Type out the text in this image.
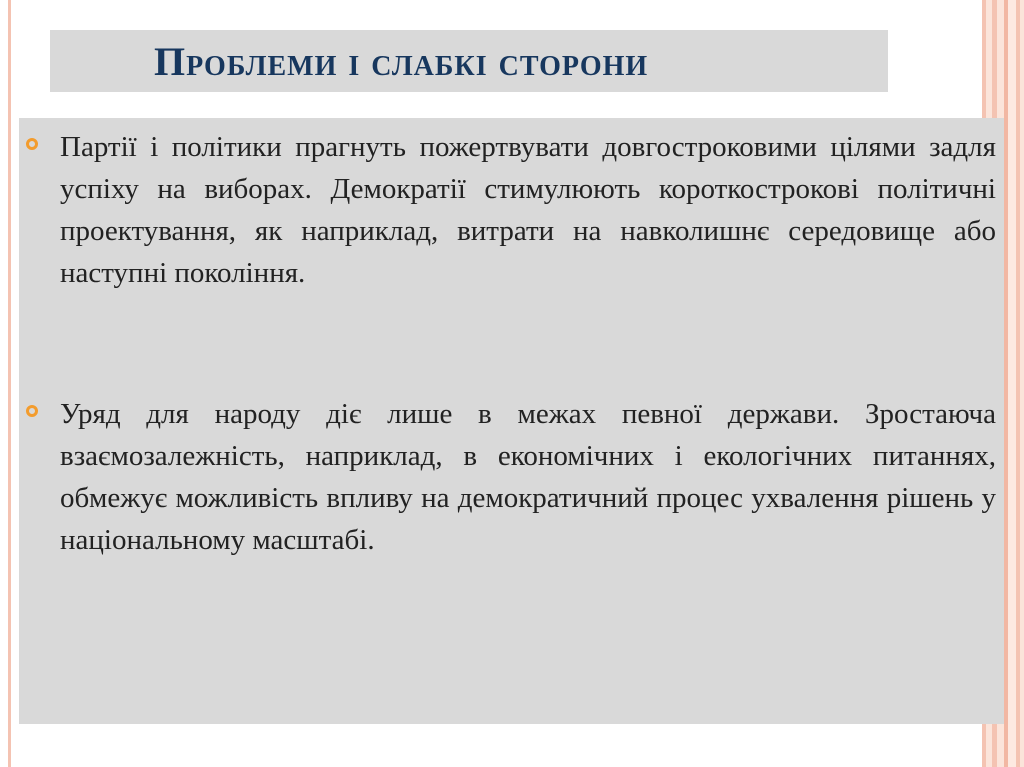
Проблеми і слабкі сторони

Партії і політики прагнуть пожертвувати довгостроковими цілями задля успіху на виборах. Демократії стимулюють короткострокові політичні проектування, як наприклад, витрати на навколишнє середовище або наступні покоління.

Уряд для народу діє лише в межах певної держави. Зростаюча взаємозалежність, наприклад, в економічних і екологічних питаннях, обмежує можливість впливу на демократичний процес ухвалення рішень у національному масштабі.
